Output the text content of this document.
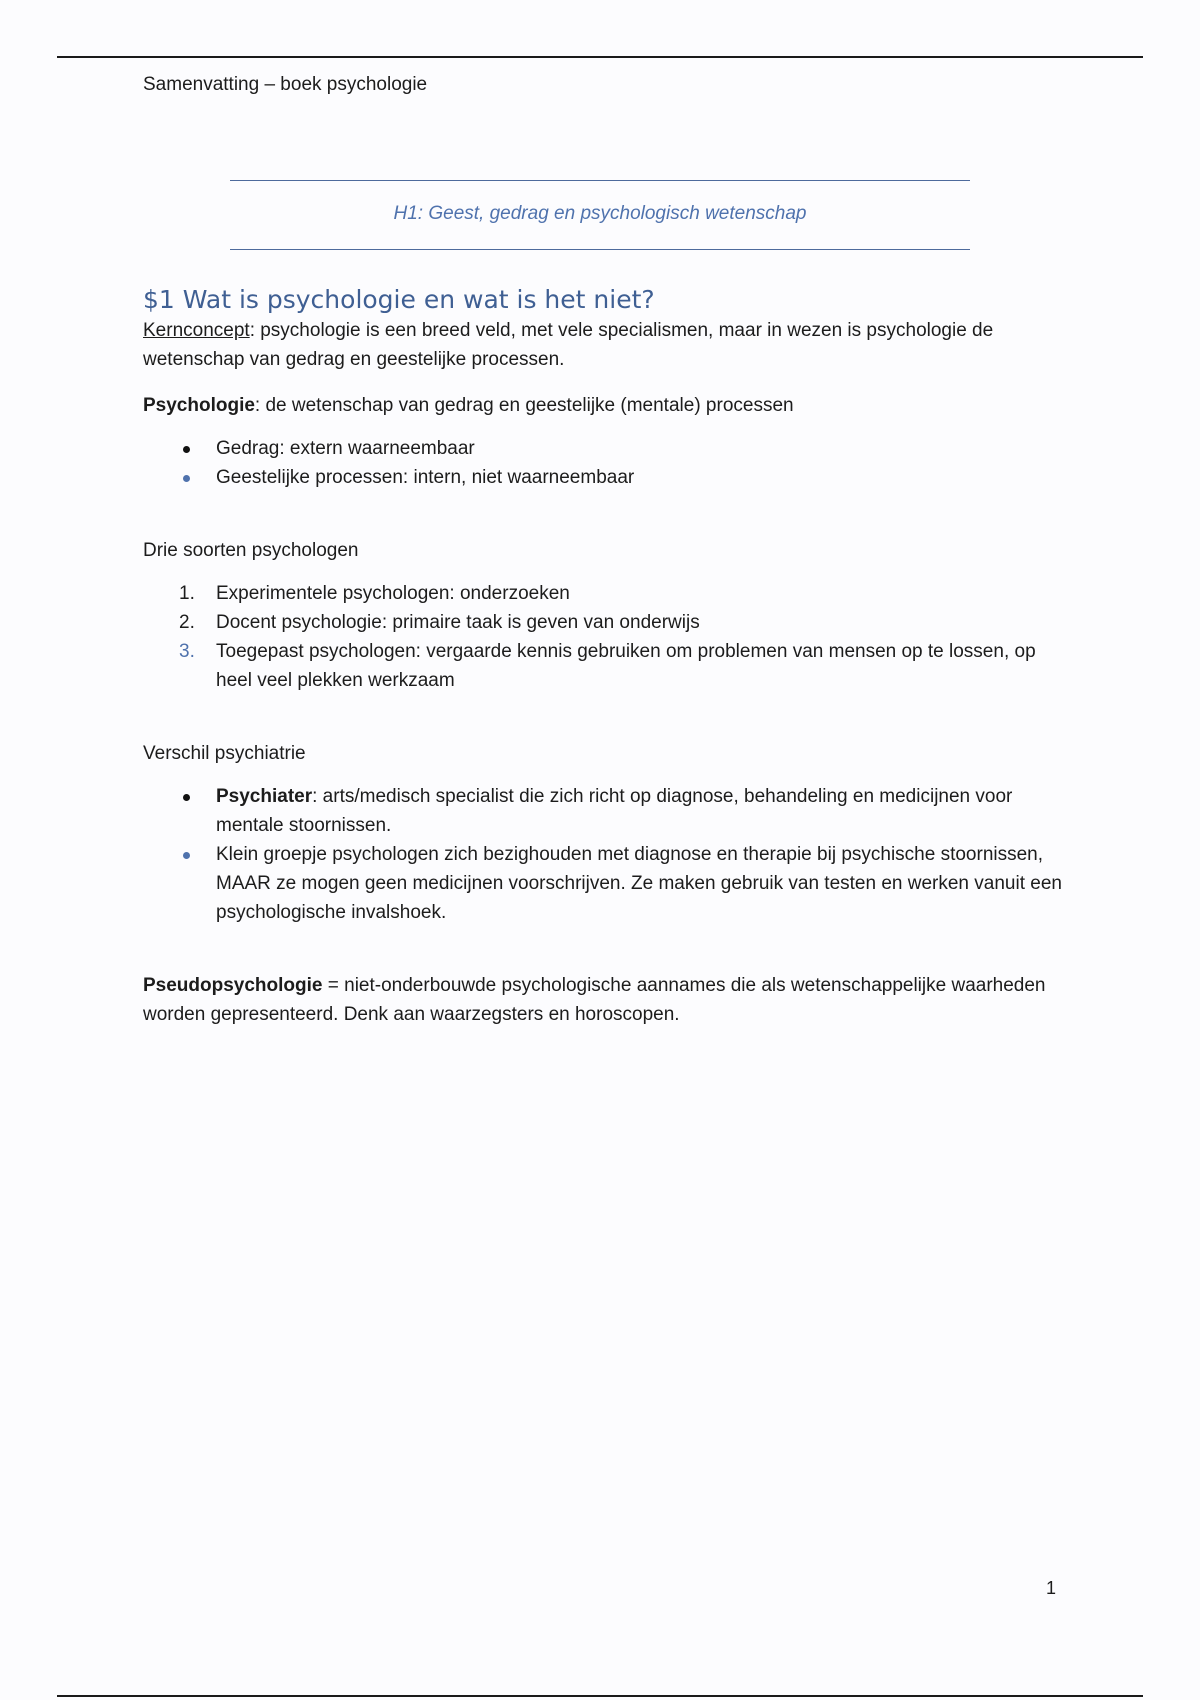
Samenvatting – boek psychologie
H1: Geest, gedrag en psychologisch wetenschap
$1 Wat is psychologie en wat is het niet?

Kernconcept: psychologie is een breed veld, met vele specialismen, maar in wezen is psychologie de wetenschap van gedrag en geestelijke processen.

Psychologie: de wetenschap van gedrag en geestelijke (mentale) processen

Gedrag: extern waarneembaar
Geestelijke processen: intern, niet waarneembaar

Drie soorten psychologen

1. Experimentele psychologen: onderzoeken
2. Docent psychologie: primaire taak is geven van onderwijs
3. Toegepast psychologen: vergaarde kennis gebruiken om problemen van mensen op te lossen, op heel veel plekken werkzaam

Verschil psychiatrie

Psychiater: arts/medisch specialist die zich richt op diagnose, behandeling en medicijnen voor mentale stoornissen.
Klein groepje psychologen zich bezighouden met diagnose en therapie bij psychische stoornissen, MAAR ze mogen geen medicijnen voorschrijven. Ze maken gebruik van testen en werken vanuit een psychologische invalshoek.

Pseudopsychologie = niet-onderbouwde psychologische aannames die als wetenschappelijke waarheden worden gepresenteerd. Denk aan waarzegsters en horoscopen.

1
